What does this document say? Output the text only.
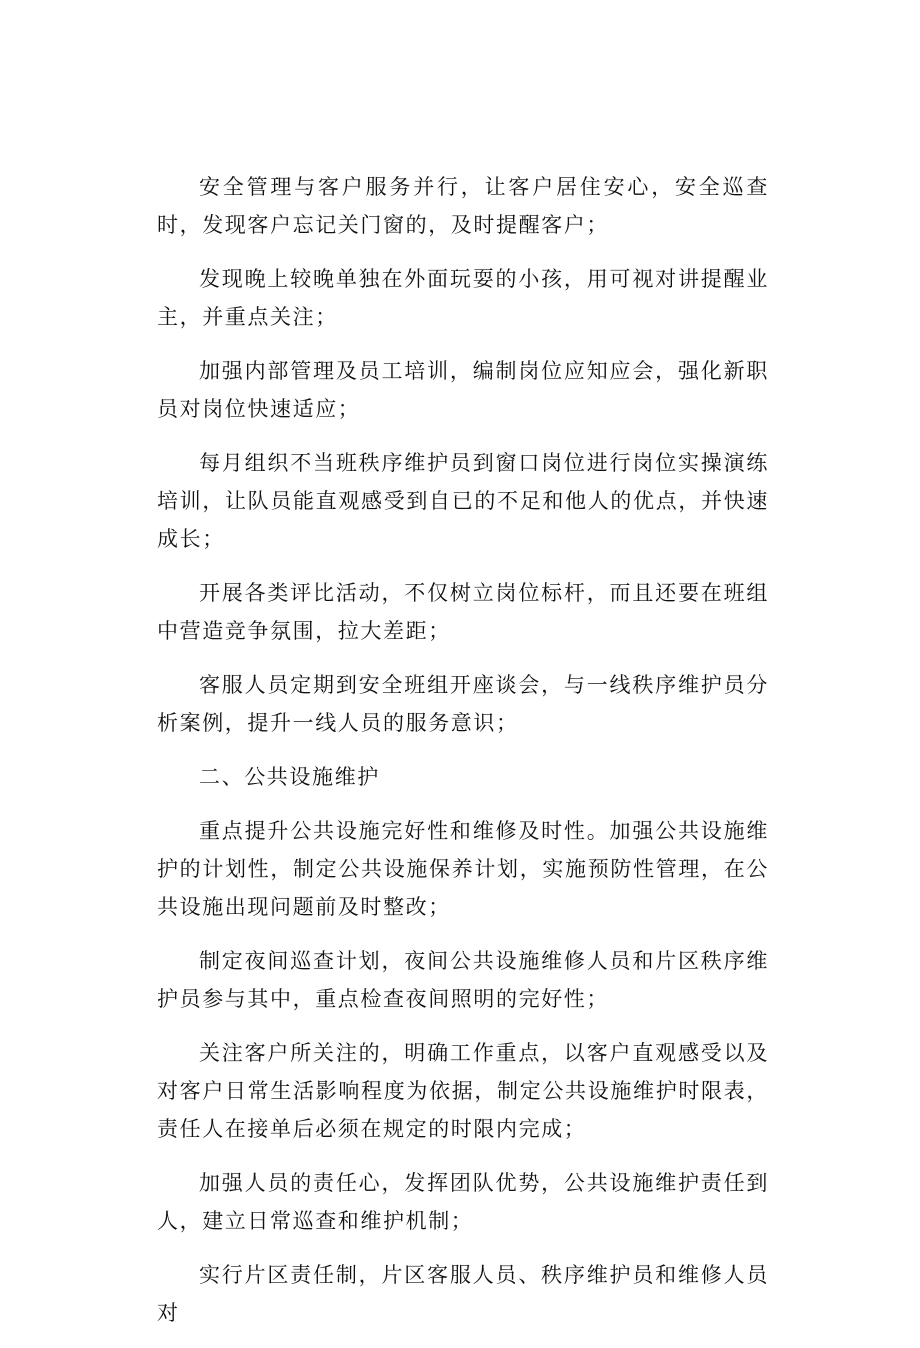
安全管理与客户服务并行，让客户居住安心，安全巡查时，发现客户忘记关门窗的，及时提醒客户；

发现晚上较晚单独在外面玩耍的小孩，用可视对讲提醒业主，并重点关注；

加强内部管理及员工培训，编制岗位应知应会，强化新职员对岗位快速适应；

每月组织不当班秩序维护员到窗口岗位进行岗位实操演练培训，让队员能直观感受到自已的不足和他人的优点，并快速成长；

开展各类评比活动，不仅树立岗位标杆，而且还要在班组中营造竞争氛围，拉大差距；

客服人员定期到安全班组开座谈会，与一线秩序维护员分析案例，提升一线人员的服务意识；

二、公共设施维护

重点提升公共设施完好性和维修及时性。加强公共设施维护的计划性，制定公共设施保养计划，实施预防性管理，在公共设施出现问题前及时整改；

制定夜间巡查计划，夜间公共设施维修人员和片区秩序维护员参与其中，重点检查夜间照明的完好性；

关注客户所关注的，明确工作重点，以客户直观感受以及对客户日常生活影响程度为依据，制定公共设施维护时限表，责任人在接单后必须在规定的时限内完成；

加强人员的责任心，发挥团队优势，公共设施维护责任到人，建立日常巡查和维护机制；

实行片区责任制，片区客服人员、秩序维护员和维修人员对
